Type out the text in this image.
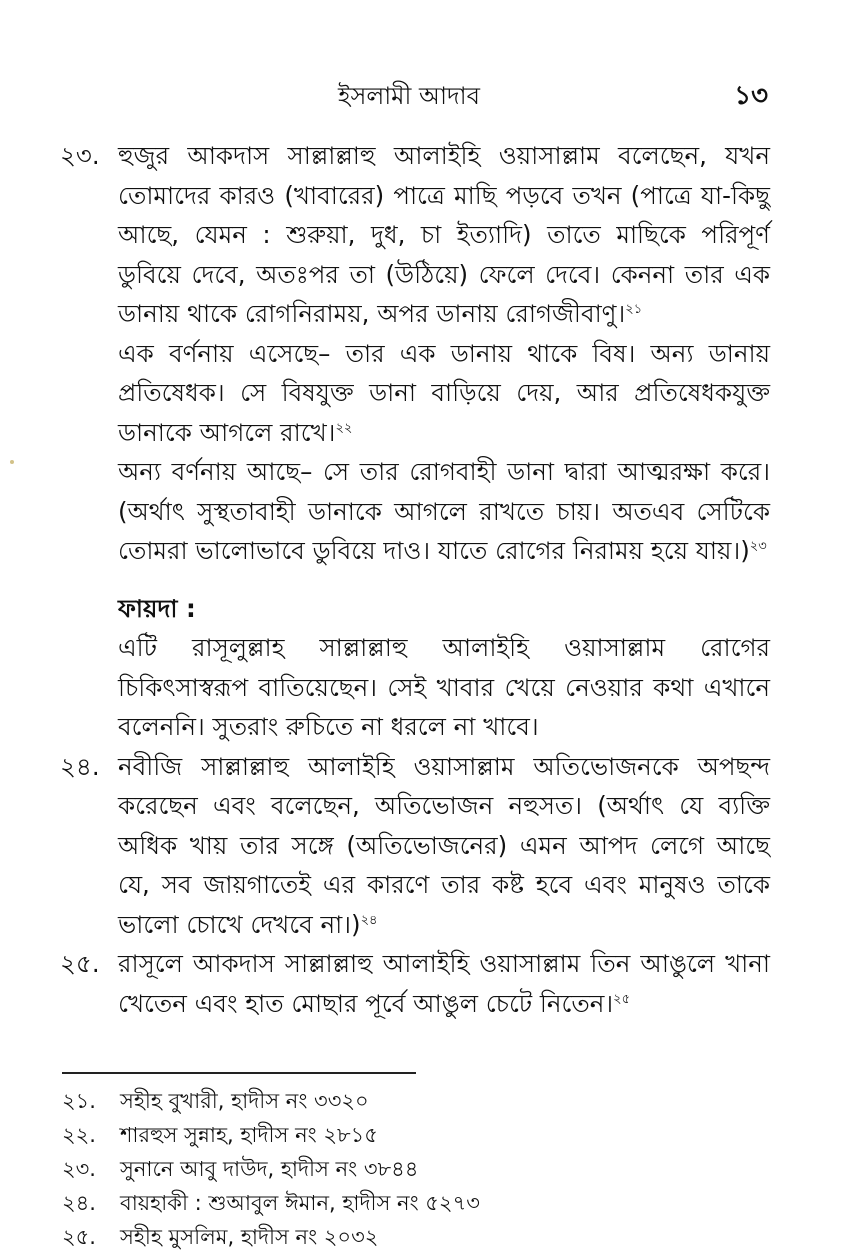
ইসলামী আদাব	১৩
২৩. হুজুর আকদাস সাল্লাল্লাহু আলাইহি ওয়াসাল্লাম বলেছেন, যখন তোমাদের কারও (খাবারের) পাত্রে মাছি পড়বে তখন (পাত্রে যা-কিছু আছে, যেমন : শুরুয়া, দুধ, চা ইত্যাদি) তাতে মাছিকে পরিপূর্ণ ডুবিয়ে দেবে, অতঃপর তা (উঠিয়ে) ফেলে দেবে। কেননা তার এক ডানায় থাকে রোগনিরাময়, অপর ডানায় রোগজীবাণু।$^{২১}$

এক বর্ণনায় এসেছে– তার এক ডানায় থাকে বিষ। অন্য ডানায় প্রতিষেধক। সে বিষযুক্ত ডানা বাড়িয়ে দেয়, আর প্রতিষেধকযুক্ত ডানাকে আগলে রাখে।$^{২২}$

অন্য বর্ণনায় আছে– সে তার রোগবাহী ডানা দ্বারা আত্মরক্ষা করে। (অর্থাৎ সুস্থতাবাহী ডানাকে আগলে রাখতে চায়। অতএব সেটিকে তোমরা ভালোভাবে ডুবিয়ে দাও। যাতে রোগের নিরাময় হয়ে যায়।)$^{২৩}$

ফায়দা :

এটি রাসূলুল্লাহ সাল্লাল্লাহু আলাইহি ওয়াসাল্লাম রোগের চিকিৎসাস্বরূপ বাতিয়েছেন। সেই খাবার খেয়ে নেওয়ার কথা এখানে বলেননি। সুতরাং রুচিতে না ধরলে না খাবে।

২৪. নবীজি সাল্লাল্লাহু আলাইহি ওয়াসাল্লাম অতিভোজনকে অপছন্দ করেছেন এবং বলেছেন, অতিভোজন নহুসত। (অর্থাৎ যে ব্যক্তি অধিক খায় তার সঙ্গে (অতিভোজনের) এমন আপদ লেগে আছে যে, সব জায়গাতেই এর কারণে তার কষ্ট হবে এবং মানুষও তাকে ভালো চোখে দেখবে না।)$^{২৪}$

২৫. রাসূলে আকদাস সাল্লাল্লাহু আলাইহি ওয়াসাল্লাম তিন আঙুলে খানা খেতেন এবং হাত মোছার পূর্বে আঙুল চেটে নিতেন।$^{২৫}$

২১. সহীহ বুখারী, হাদীস নং ৩৩২০
২২. শারহুস সুন্নাহ, হাদীস নং ২৮১৫
২৩. সুনানে আবু দাউদ, হাদীস নং ৩৮৪৪
২৪. বায়হাকী : শুআবুল ঈমান, হাদীস নং ৫২৭৩
২৫. সহীহ মুসলিম, হাদীস নং ২০৩২
